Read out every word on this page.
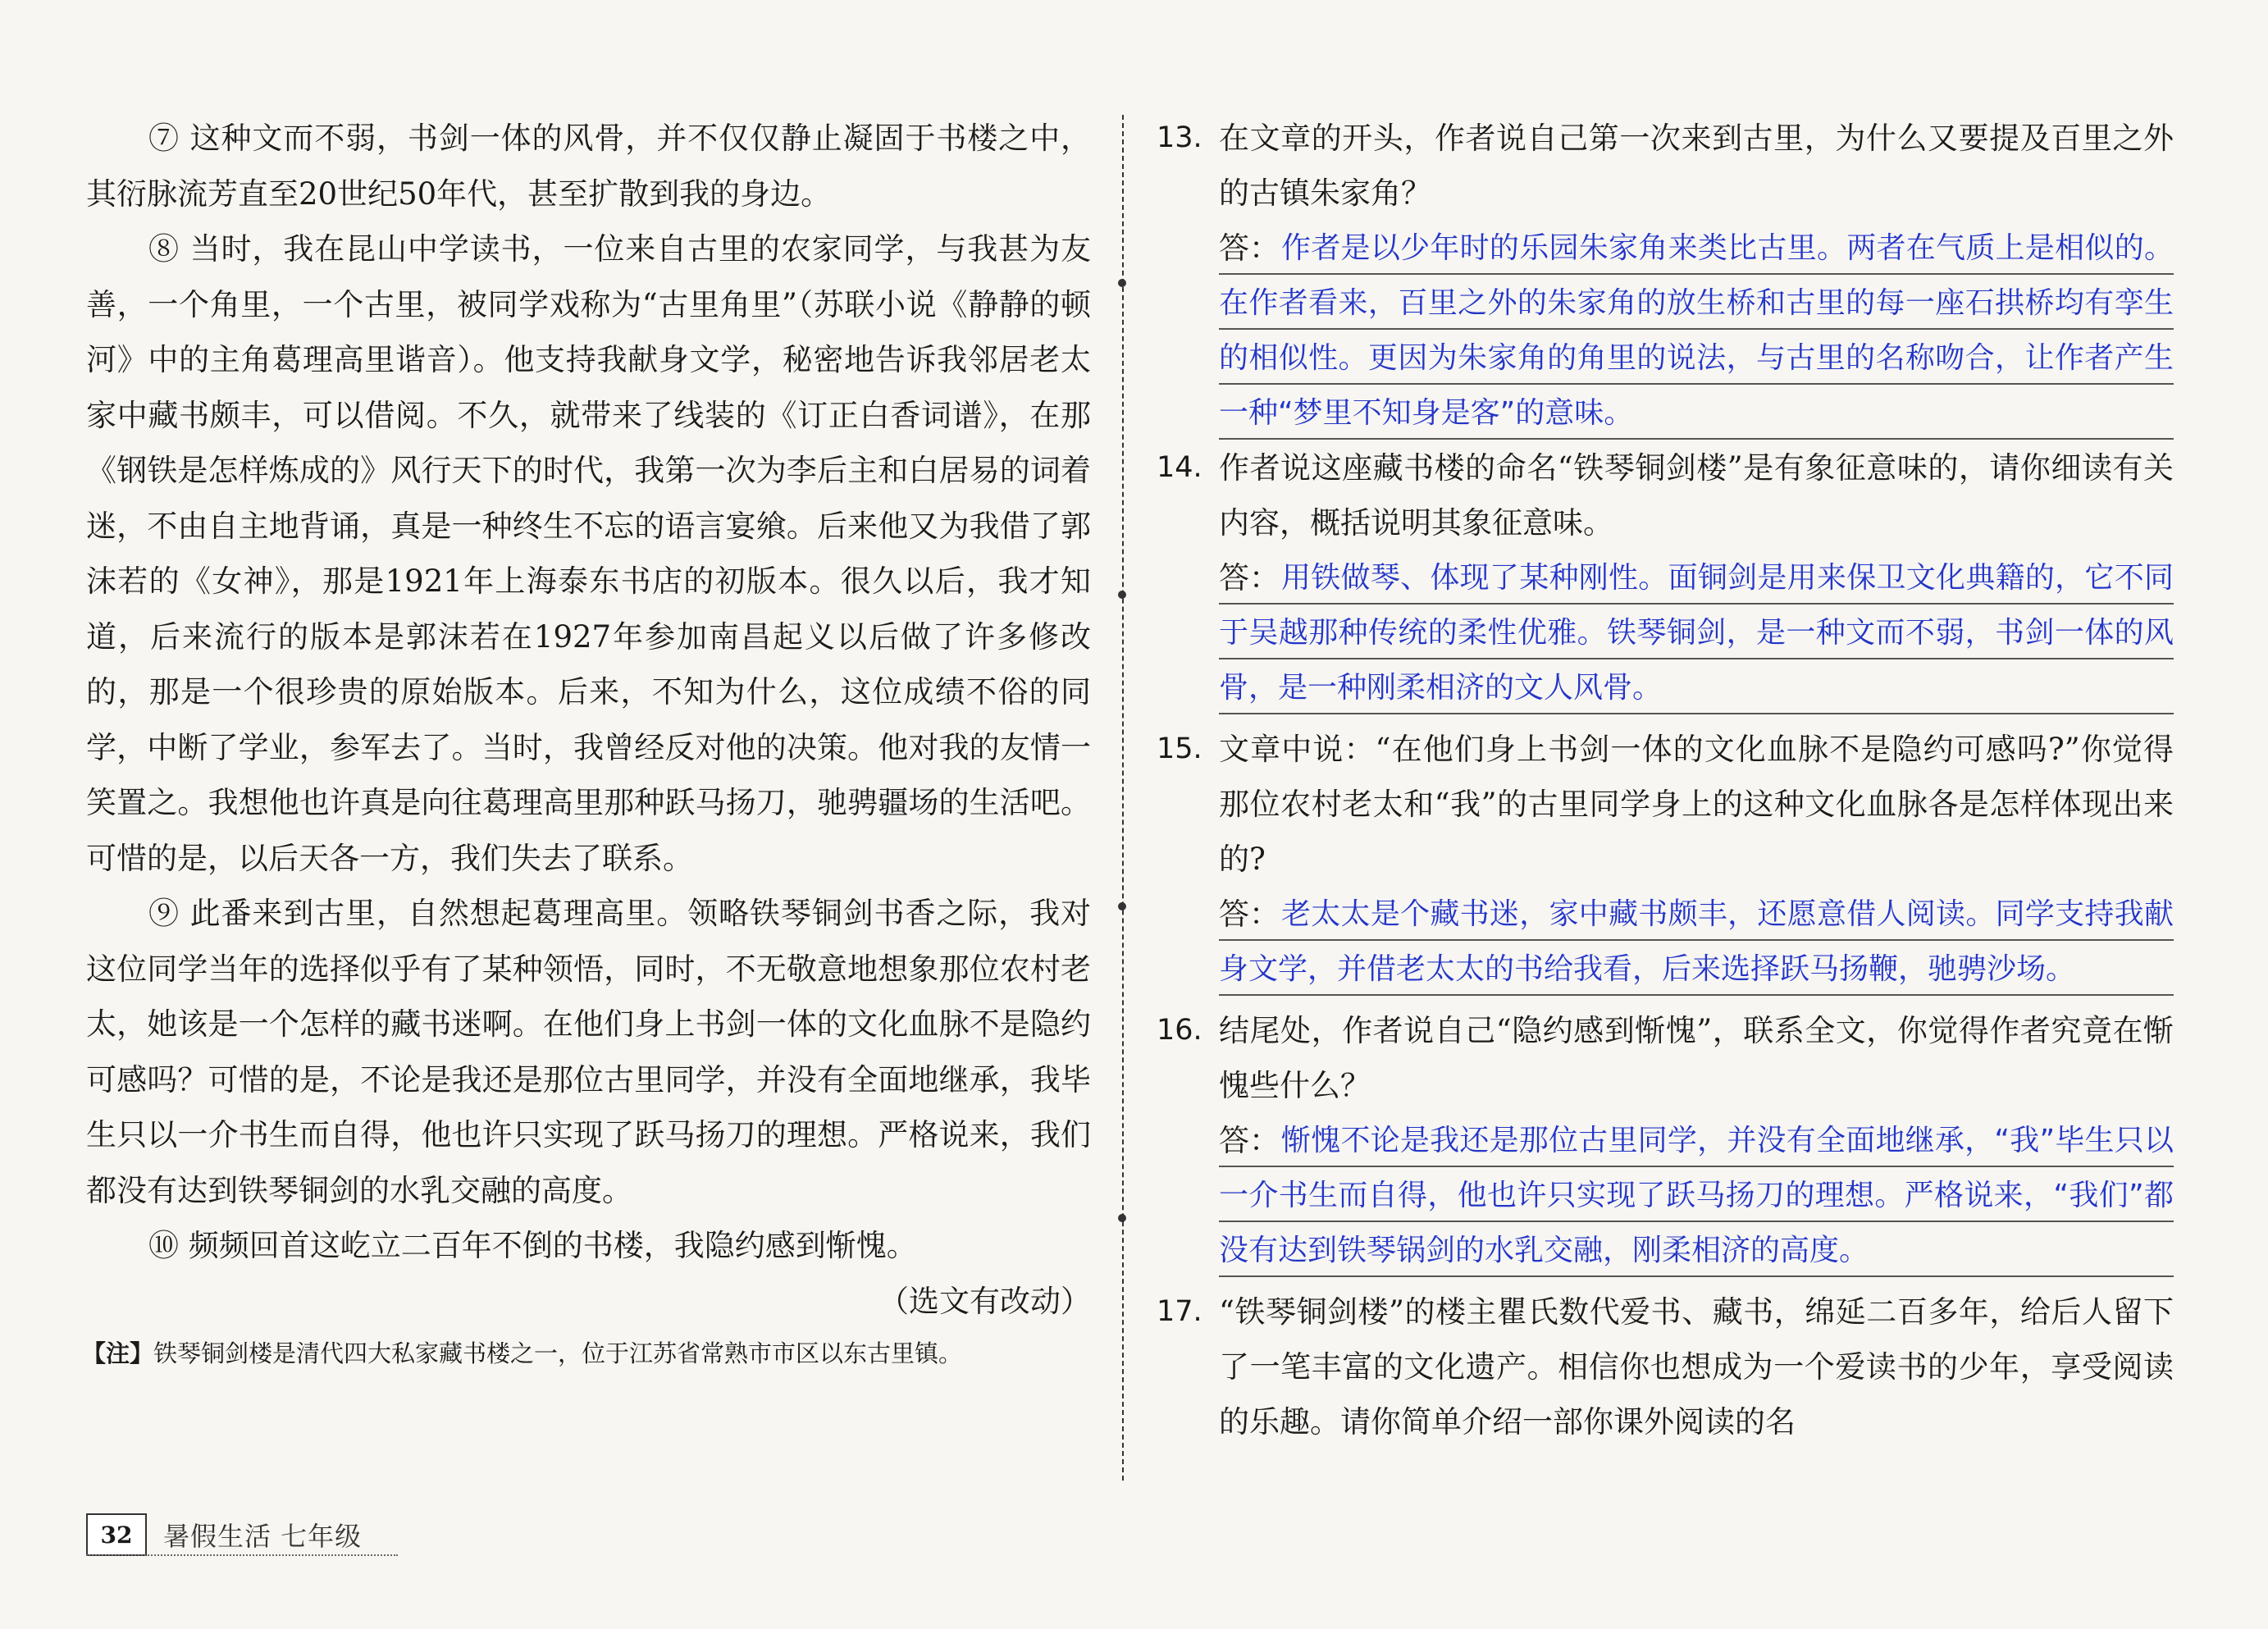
⑦ 这种文而不弱，书剑一体的风骨，并不仅仅静止凝固于书楼之中，其衍脉流芳直至20世纪50年代，甚至扩散到我的身边。

⑧ 当时，我在昆山中学读书，一位来自古里的农家同学，与我甚为友善，一个角里，一个古里，被同学戏称为“古里角里”（苏联小说《静静的顿河》中的主角葛理高里谐音）。他支持我献身文学，秘密地告诉我邻居老太家中藏书颇丰，可以借阅。不久，就带来了线装的《订正白香词谱》，在那《钢铁是怎样炼成的》风行天下的时代，我第一次为李后主和白居易的词着迷，不由自主地背诵，真是一种终生不忘的语言宴飨。后来他又为我借了郭沫若的《女神》，那是1921年上海泰东书店的初版本。很久以后，我才知道，后来流行的版本是郭沫若在1927年参加南昌起义以后做了许多修改的，那是一个很珍贵的原始版本。后来，不知为什么，这位成绩不俗的同学，中断了学业，参军去了。当时，我曾经反对他的决策。他对我的友情一笑置之。我想他也许真是向往葛理高里那种跃马扬刀，驰骋疆场的生活吧。可惜的是，以后天各一方，我们失去了联系。

⑨ 此番来到古里，自然想起葛理高里。领略铁琴铜剑书香之际，我对这位同学当年的选择似乎有了某种领悟，同时，不无敬意地想象那位农村老太，她该是一个怎样的藏书迷啊。在他们身上书剑一体的文化血脉不是隐约可感吗？可惜的是，不论是我还是那位古里同学，并没有全面地继承，我毕生只以一介书生而自得，他也许只实现了跃马扬刀的理想。严格说来，我们都没有达到铁琴铜剑的水乳交融的高度。

⑩ 频频回首这屹立二百年不倒的书楼，我隐约感到惭愧。

（选文有改动）

【注】铁琴铜剑楼是清代四大私家藏书楼之一，位于江苏省常熟市市区以东古里镇。
13. 在文章的开头，作者说自己第一次来到古里，为什么又要提及百里之外的古镇朱家角？
答： 作者是以少年时的乐园朱家角来类比古里。两者在气质上是相似的。在作者看来，百里之外的朱家角的放生桥和古里的每一座石拱桥均有孪生的相似性。更因为朱家角的角里的说法，与古里的名称吻合，让作者产生一种“梦里不知身是客”的意味。

14. 作者说这座藏书楼的命名“铁琴铜剑楼”是有象征意味的，请你细读有关内容，概括说明其象征意味。
答： 用铁做琴、体现了某种刚性。面铜剑是用来保卫文化典籍的，它不同于吴越那种传统的柔性优雅。铁琴铜剑，是一种文而不弱，书剑一体的风骨，是一种刚柔相济的文人风骨。

15. 文章中说：“在他们身上书剑一体的文化血脉不是隐约可感吗?”你觉得那位农村老太和“我”的古里同学身上的这种文化血脉各是怎样体现出来的?
答： 老太太是个藏书迷，家中藏书颇丰，还愿意借人阅读。同学支持我献身文学，并借老太太的书给我看，后来选择跃马扬鞭，驰骋沙场。

16. 结尾处，作者说自己“隐约感到惭愧”，联系全文，你觉得作者究竟在惭愧些什么？
答： 惭愧不论是我还是那位古里同学，并没有全面地继承，“我”毕生只以一介书生而自得，他也许只实现了跃马扬刀的理想。严格说来，“我们”都没有达到铁琴锅剑的水乳交融，刚柔相济的高度。

17. “铁琴铜剑楼”的楼主瞿氏数代爱书、藏书，绵延二百多年，给后人留下了一笔丰富的文化遗产。相信你也想成为一个爱读书的少年，享受阅读的乐趣。请你简单介绍一部你课外阅读的名
32	暑假生活 七年级
